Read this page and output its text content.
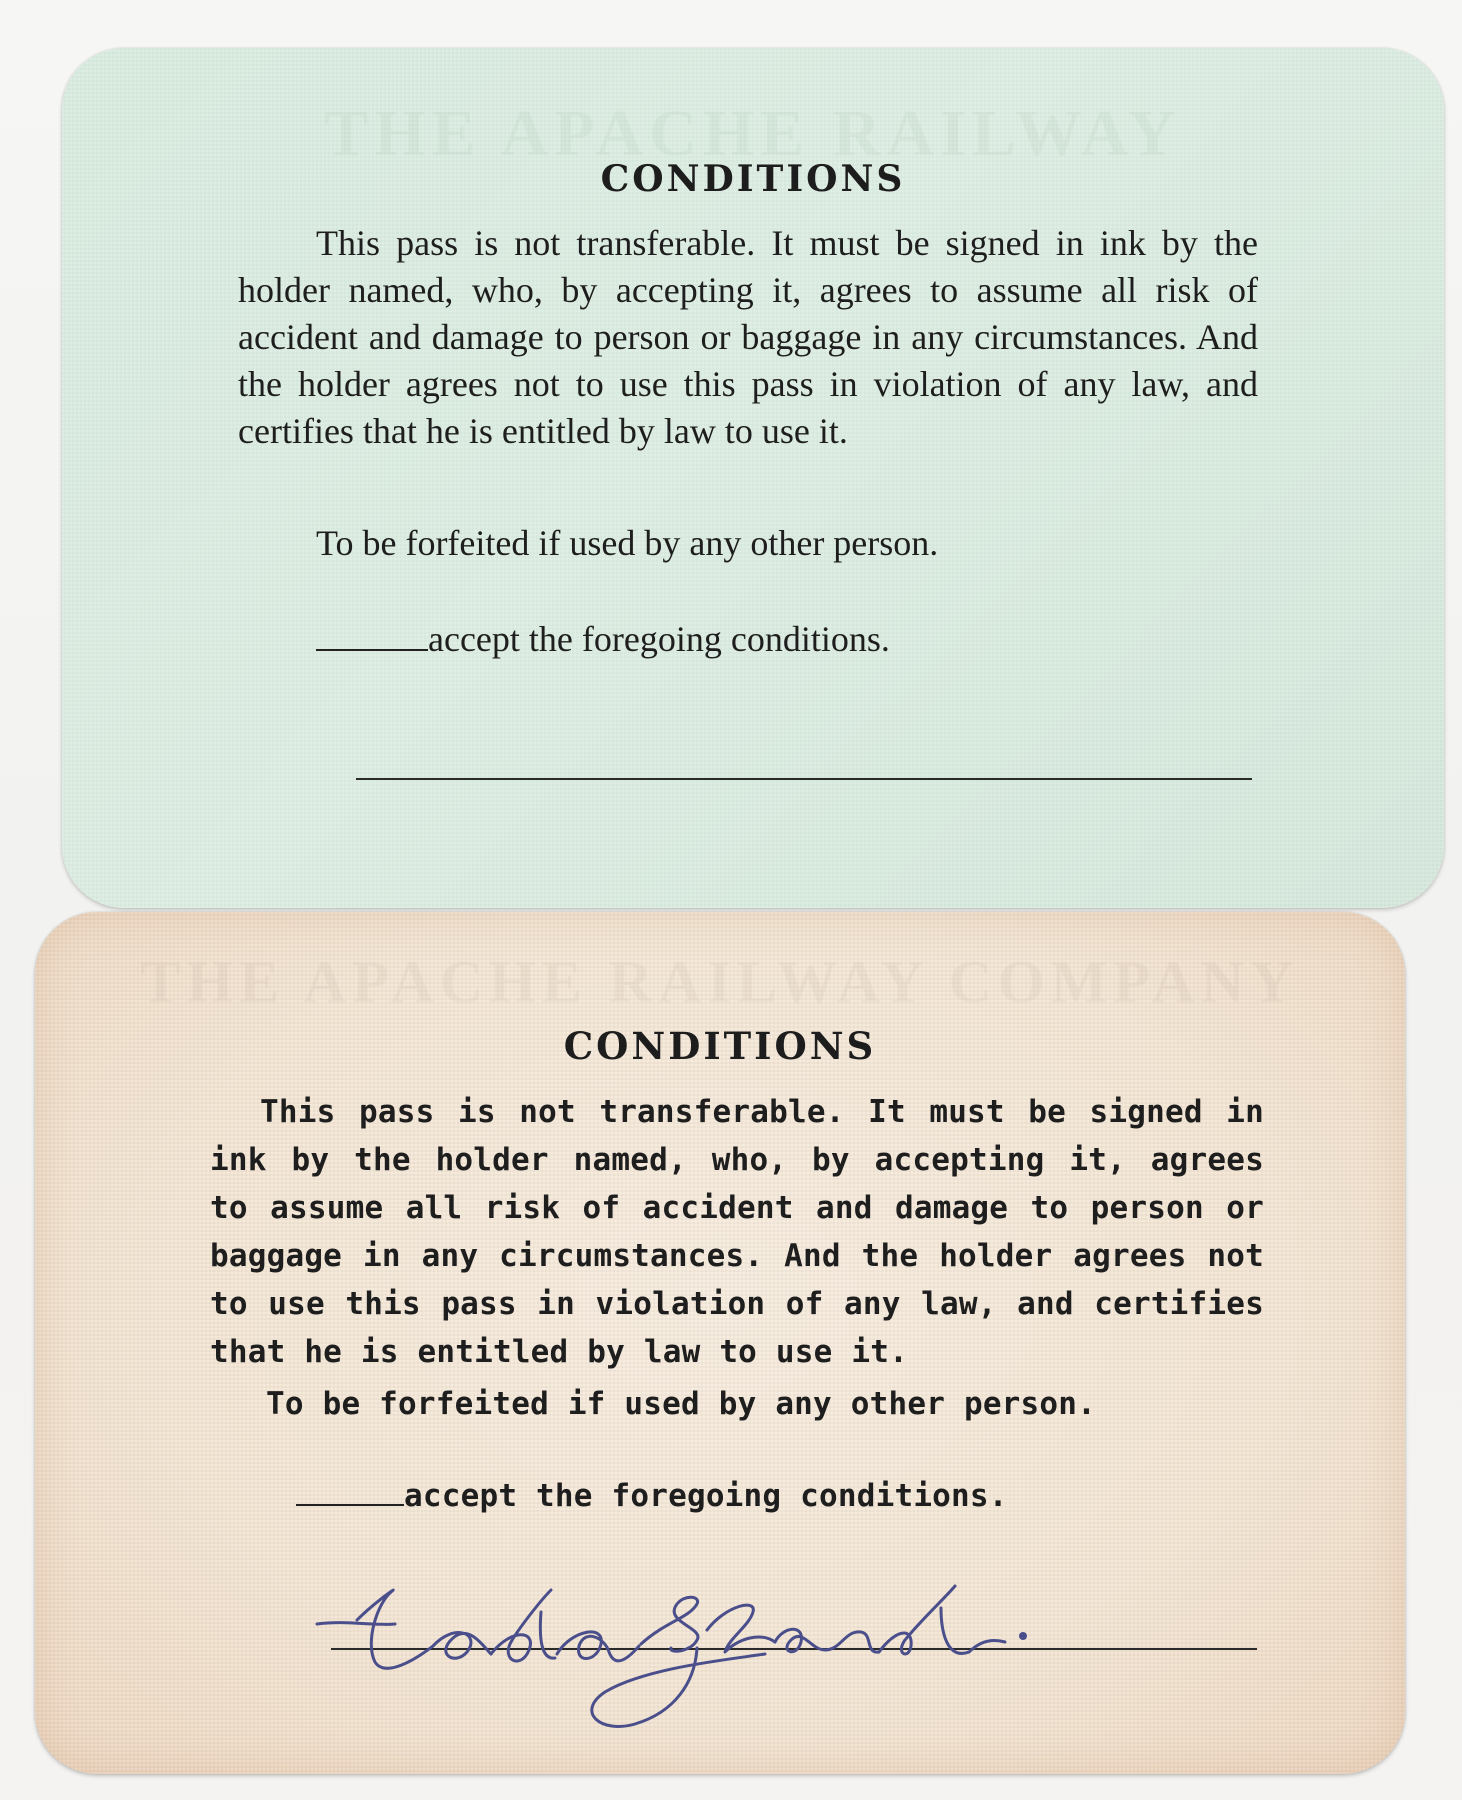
THE APACHE RAILWAY
CONDITIONS

This pass is not transferable. It must be signed in ink by the holder named, who, by accepting it, agrees to assume all risk of accident and damage to person or baggage in any circumstances. And the holder agrees not to use this pass in violation of any law, and certifies that he is entitled by law to use it.

To be forfeited if used by any other person.

accept the foregoing conditions.

THE APACHE RAILWAY COMPANY
CONDITIONS

This pass is not transferable. It must be signed in ink by the holder named, who, by accepting it, agrees to assume all risk of accident and damage to person or baggage in any circumstances. And the holder agrees not to use this pass in violation of any law, and certifies that he is entitled by law to use it.

To be forfeited if used by any other person.

accept the foregoing conditions.
